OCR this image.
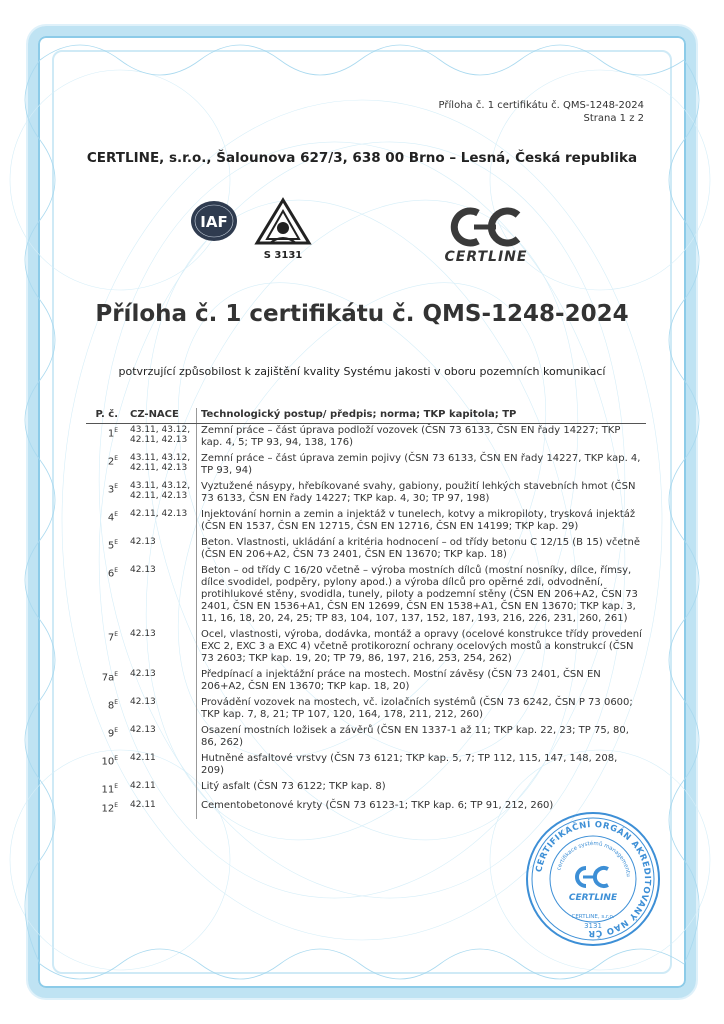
Příloha č. 1 certifikátu č. QMS-1248-2024
Strana 1 z 2
CERTLINE, s.r.o., Šalounova 627/3, 638 00 Brno – Lesná, Česká republika
IAF
S 3131	CERTLINE
Příloha č. 1 certifikátu č. QMS-1248-2024
potvrzující způsobilost k zajištění kvality Systému jakosti v oboru pozemních komunikací
P. č.	CZ-NACE	Technologický postup/ předpis; norma; TKP kapitola; TP
$1^E$	43.11, 43.12, 42.11, 42.13	Zemní práce – část úprava podloží vozovek (ČSN 73 6133, ČSN EN řady 14227; TKP kap. 4, 5; TP 93, 94, 138, 176)
$2^E$	43.11, 43.12, 42.11, 42.13	Zemní práce – část úprava zemin pojivy (ČSN 73 6133, ČSN EN řady 14227, TKP kap. 4, TP 93, 94)
$3^E$	43.11, 43.12, 42.11, 42.13	Vyztužené násypy, hřebíkované svahy, gabiony, použití lehkých stavebních hmot (ČSN 73 6133, ČSN EN řady 14227; TKP kap. 4, 30; TP 97, 198)
$4^E$	42.11, 42.13	Injektování hornin a zemin a injektáž v tunelech, kotvy a mikropiloty, trysková injektáž (ČSN EN 1537, ČSN EN 12715, ČSN EN 12716, ČSN EN 14199; TKP kap. 29)
$5^E$	42.13	Beton. Vlastnosti, ukládání a kritéria hodnocení – od třídy betonu C 12/15 (B 15) včetně (ČSN EN 206+A2, ČSN 73 2401, ČSN EN 13670; TKP kap. 18)
$6^E$	42.13	Beton – od třídy C 16/20 včetně – výroba mostních dílců (mostní nosníky, dílce, římsy, dílce svodidel, podpěry, pylony apod.) a výroba dílců pro opěrné zdi, odvodnění, protihlukové stěny, svodidla, tunely, piloty a podzemní stěny (ČSN EN 206+A2, ČSN 73 2401, ČSN EN 1536+A1, ČSN EN 12699, ČSN EN 1538+A1, ČSN EN 13670; TKP kap. 3, 11, 16, 18, 20, 24, 25; TP 83, 104, 107, 137, 152, 187, 193, 216, 226, 231, 260, 261)
$7^E$	42.13	Ocel, vlastnosti, výroba, dodávka, montáž a opravy (ocelové konstrukce třídy provedení EXC 2, EXC 3 a EXC 4) včetně protikorozní ochrany ocelových mostů a konstrukcí (ČSN 73 2603; TKP kap. 19, 20; TP 79, 86, 197, 216, 253, 254, 262)
$7a^E$	42.13	Předpínací a injektážní práce na mostech. Mostní závěsy (ČSN 73 2401, ČSN EN 206+A2, ČSN EN 13670; TKP kap. 18, 20)
$8^E$	42.13	Provádění vozovek na mostech, vč. izolačních systémů (ČSN 73 6242, ČSN P 73 0600; TKP kap. 7, 8, 21; TP 107, 120, 164, 178, 211, 212, 260)
$9^E$	42.13	Osazení mostních ložisek a závěrů (ČSN EN 1337-1 až 11; TKP kap. 22, 23; TP 75, 80, 86, 262)
$10^E$	42.11	Hutněné asfaltové vrstvy (ČSN 73 6121; TKP kap. 5, 7; TP 112, 115, 147, 148, 208, 209)
$11^E$	42.11	Litý asfalt (ČSN 73 6122; TKP kap. 8)
$12^E$	42.11	Cementobetonové kryty (ČSN 73 6123-1; TKP kap. 6; TP 91, 212, 260)
CERTIFIKAČNÍ ORGÁN AKREDITOVANÝ NAO ČR
certifikace systémů managementu
CERTLINE
CERTLINE, s.r.o.
3131
